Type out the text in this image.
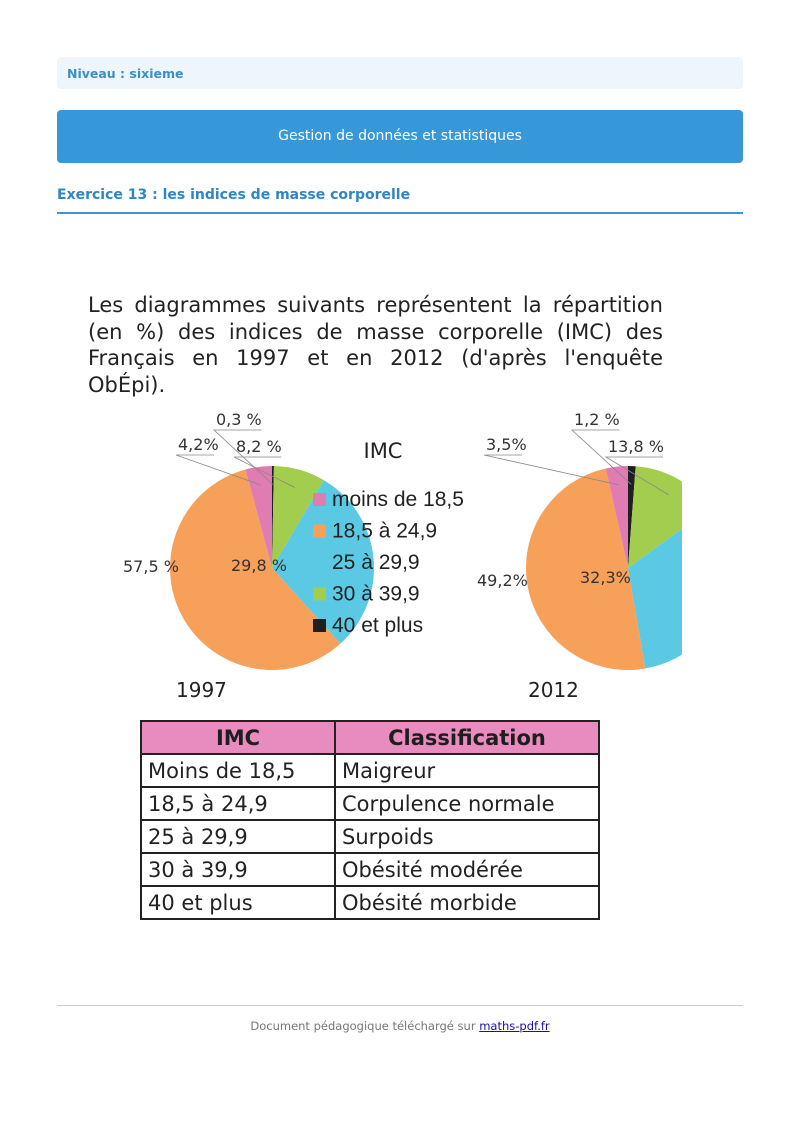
Niveau : sixieme
Gestion de données et statistiques
Exercice 13 : les indices de masse corporelle
Les diagrammes suivants représentent la répartition (en %) des indices de masse corporelle (IMC) des Français en 1997 et en 2012 (d'après l'enquête ObÉpi).
4,2%
57,5 %	29,8 %
8,2 %
0,3 %
1997
3,5%
49,2%	32,3%
13,8 %
1,2 %
2012
IMC
moins de 18,5
18,5 à 24,9
25 à 29,9
30 à 39,9
40 et plus
IMC	Classification
Moins de 18,5	Maigreur
18,5 à 24,9	Corpulence normale
25 à 29,9	Surpoids
30 à 39,9	Obésité modérée
40 et plus	Obésité morbide
Document pédagogique téléchargé sur maths-pdf.fr
